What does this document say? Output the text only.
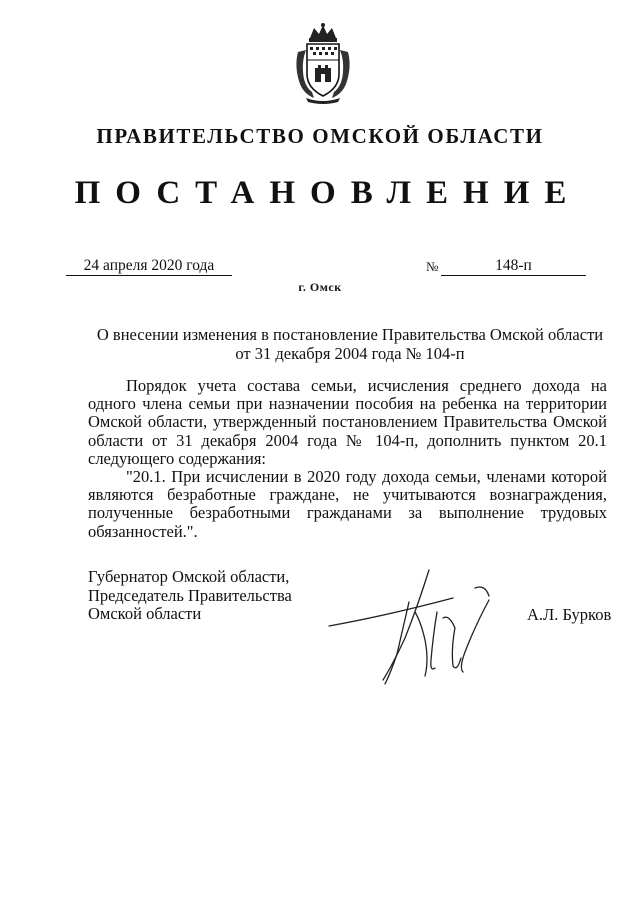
ПРАВИТЕЛЬСТВО ОМСКОЙ ОБЛАСТИ
ПОСТАНОВЛЕНИЕ
24 апреля 2020 года	№	148-п
г. Омск
О внесении изменения в постановление Правительства Омской области
от 31 декабря 2004 года № 104-п

Порядок учета состава семьи, исчисления среднего дохода на одного члена семьи при назначении пособия на ребенка на территории Омской области, утвержденный постановлением Правительства Омской области от 31 декабря 2004 года № 104-п, дополнить пунктом 20.1 следующего содержания:

"20.1. При исчислении в 2020 году дохода семьи, членами которой являются безработные граждане, не учитываются вознаграждения, полученные безработными гражданами за выполнение трудовых обязанностей.".

Губернатор Омской области,
Председатель Правительства
Омской области	А.Л. Бурков
